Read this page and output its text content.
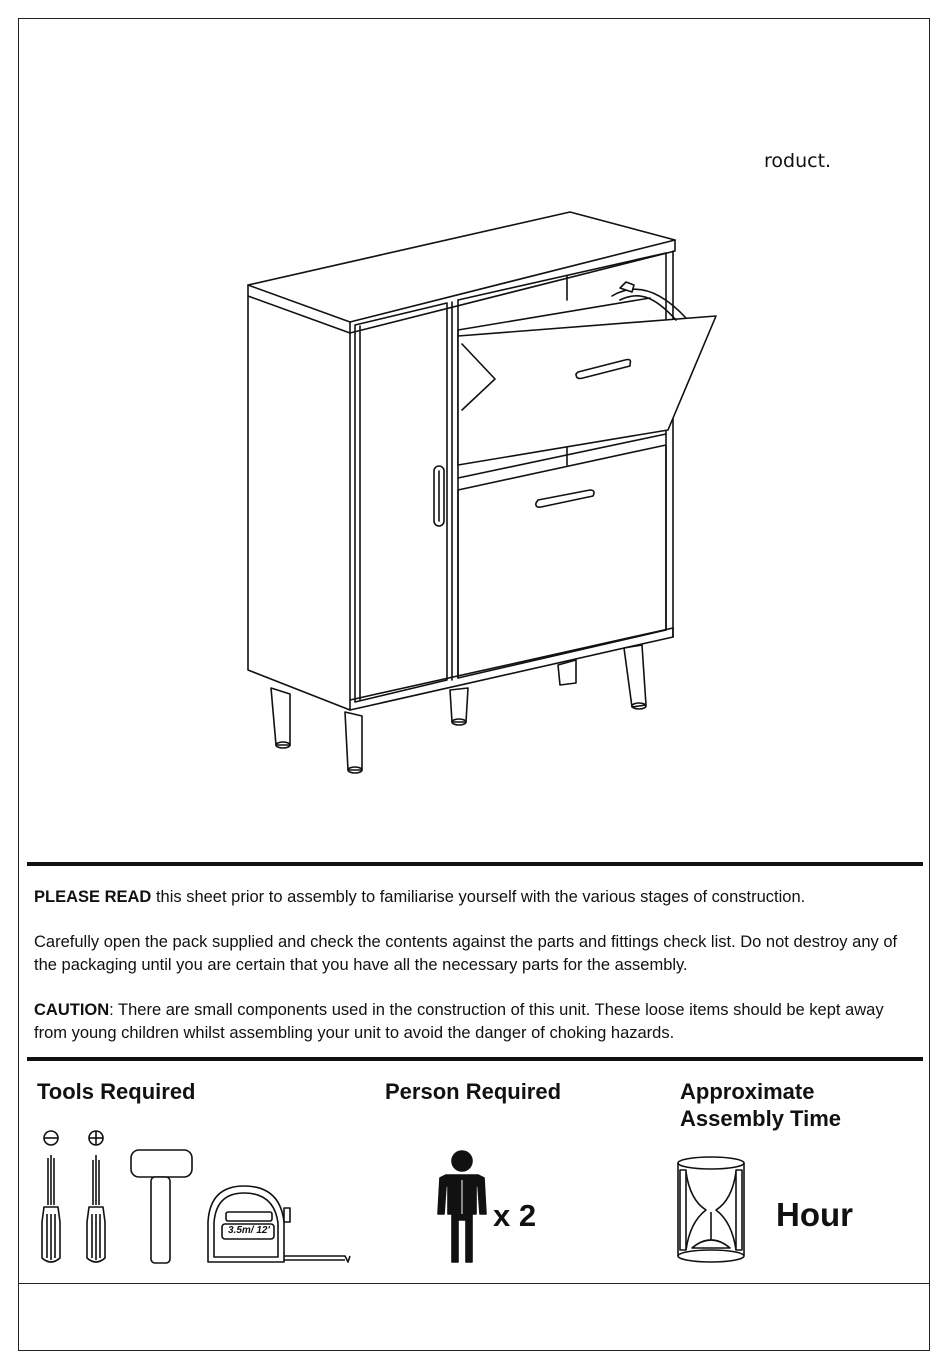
roduct.
PLEASE READ this sheet prior to assembly to familiarise yourself with the various stages of construction.
Carefully open the pack supplied and check the contents against the parts and fittings check list. Do not destroy any of the packaging until you are certain that you have all the necessary parts for the assembly.
CAUTION: There are small components used in the construction of this unit. These loose items should be kept away from young children whilst assembling your unit to avoid the danger of choking hazards.
Tools Required	Person Required	Approximate
Assembly Time
3.5m/ 12'	x 2	Hour
